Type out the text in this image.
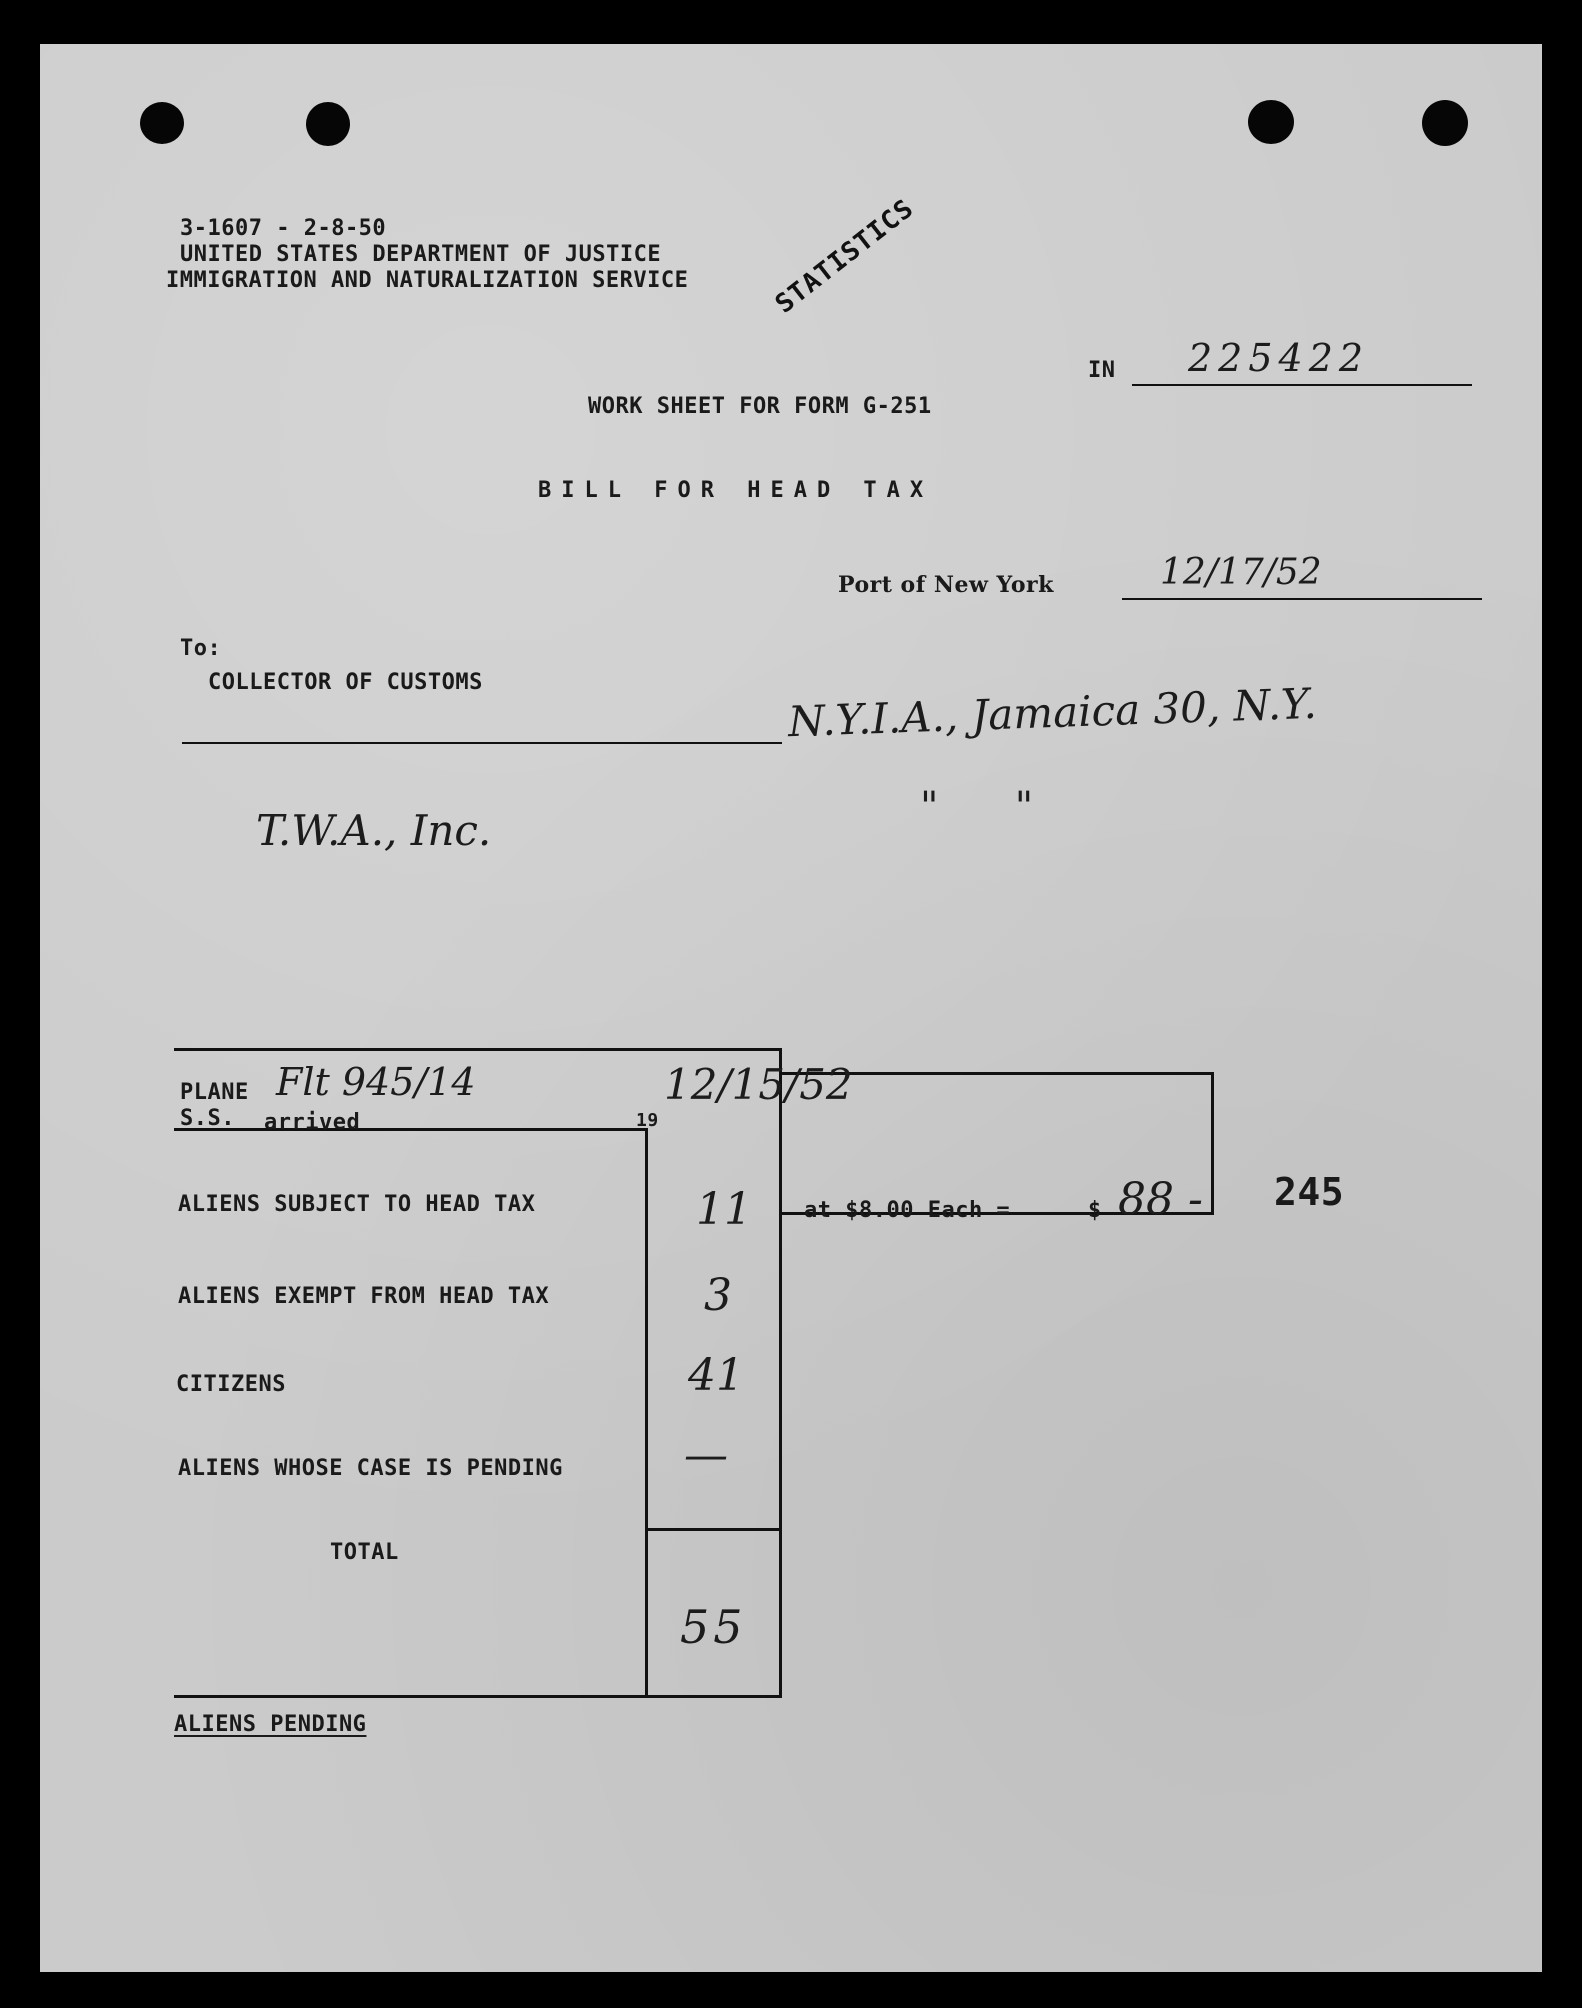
3-1607 - 2-8-50
UNITED STATES DEPARTMENT OF JUSTICE
IMMIGRATION AND NATURALIZATION SERVICE	STATISTICS
IN 225422
WORK SHEET FOR FORM G-251
BILL FOR HEAD TAX
Port of New York	12/17/52
To:
COLLECTOR OF CUSTOMS	N.Y.I.A., Jamaica 30, N.Y.
T.W.A., Inc.	"      "
PLANE
S.S. arrived
Flt 945/14
19
12/15/52
ALIENS SUBJECT TO HEAD TAX	11
ALIENS EXEMPT FROM HEAD TAX	3
CITIZENS	41
ALIENS WHOSE CASE IS PENDING	—
TOTAL
55
at $8.00 Each =	$ 88 - 245
ALIENS PENDING
